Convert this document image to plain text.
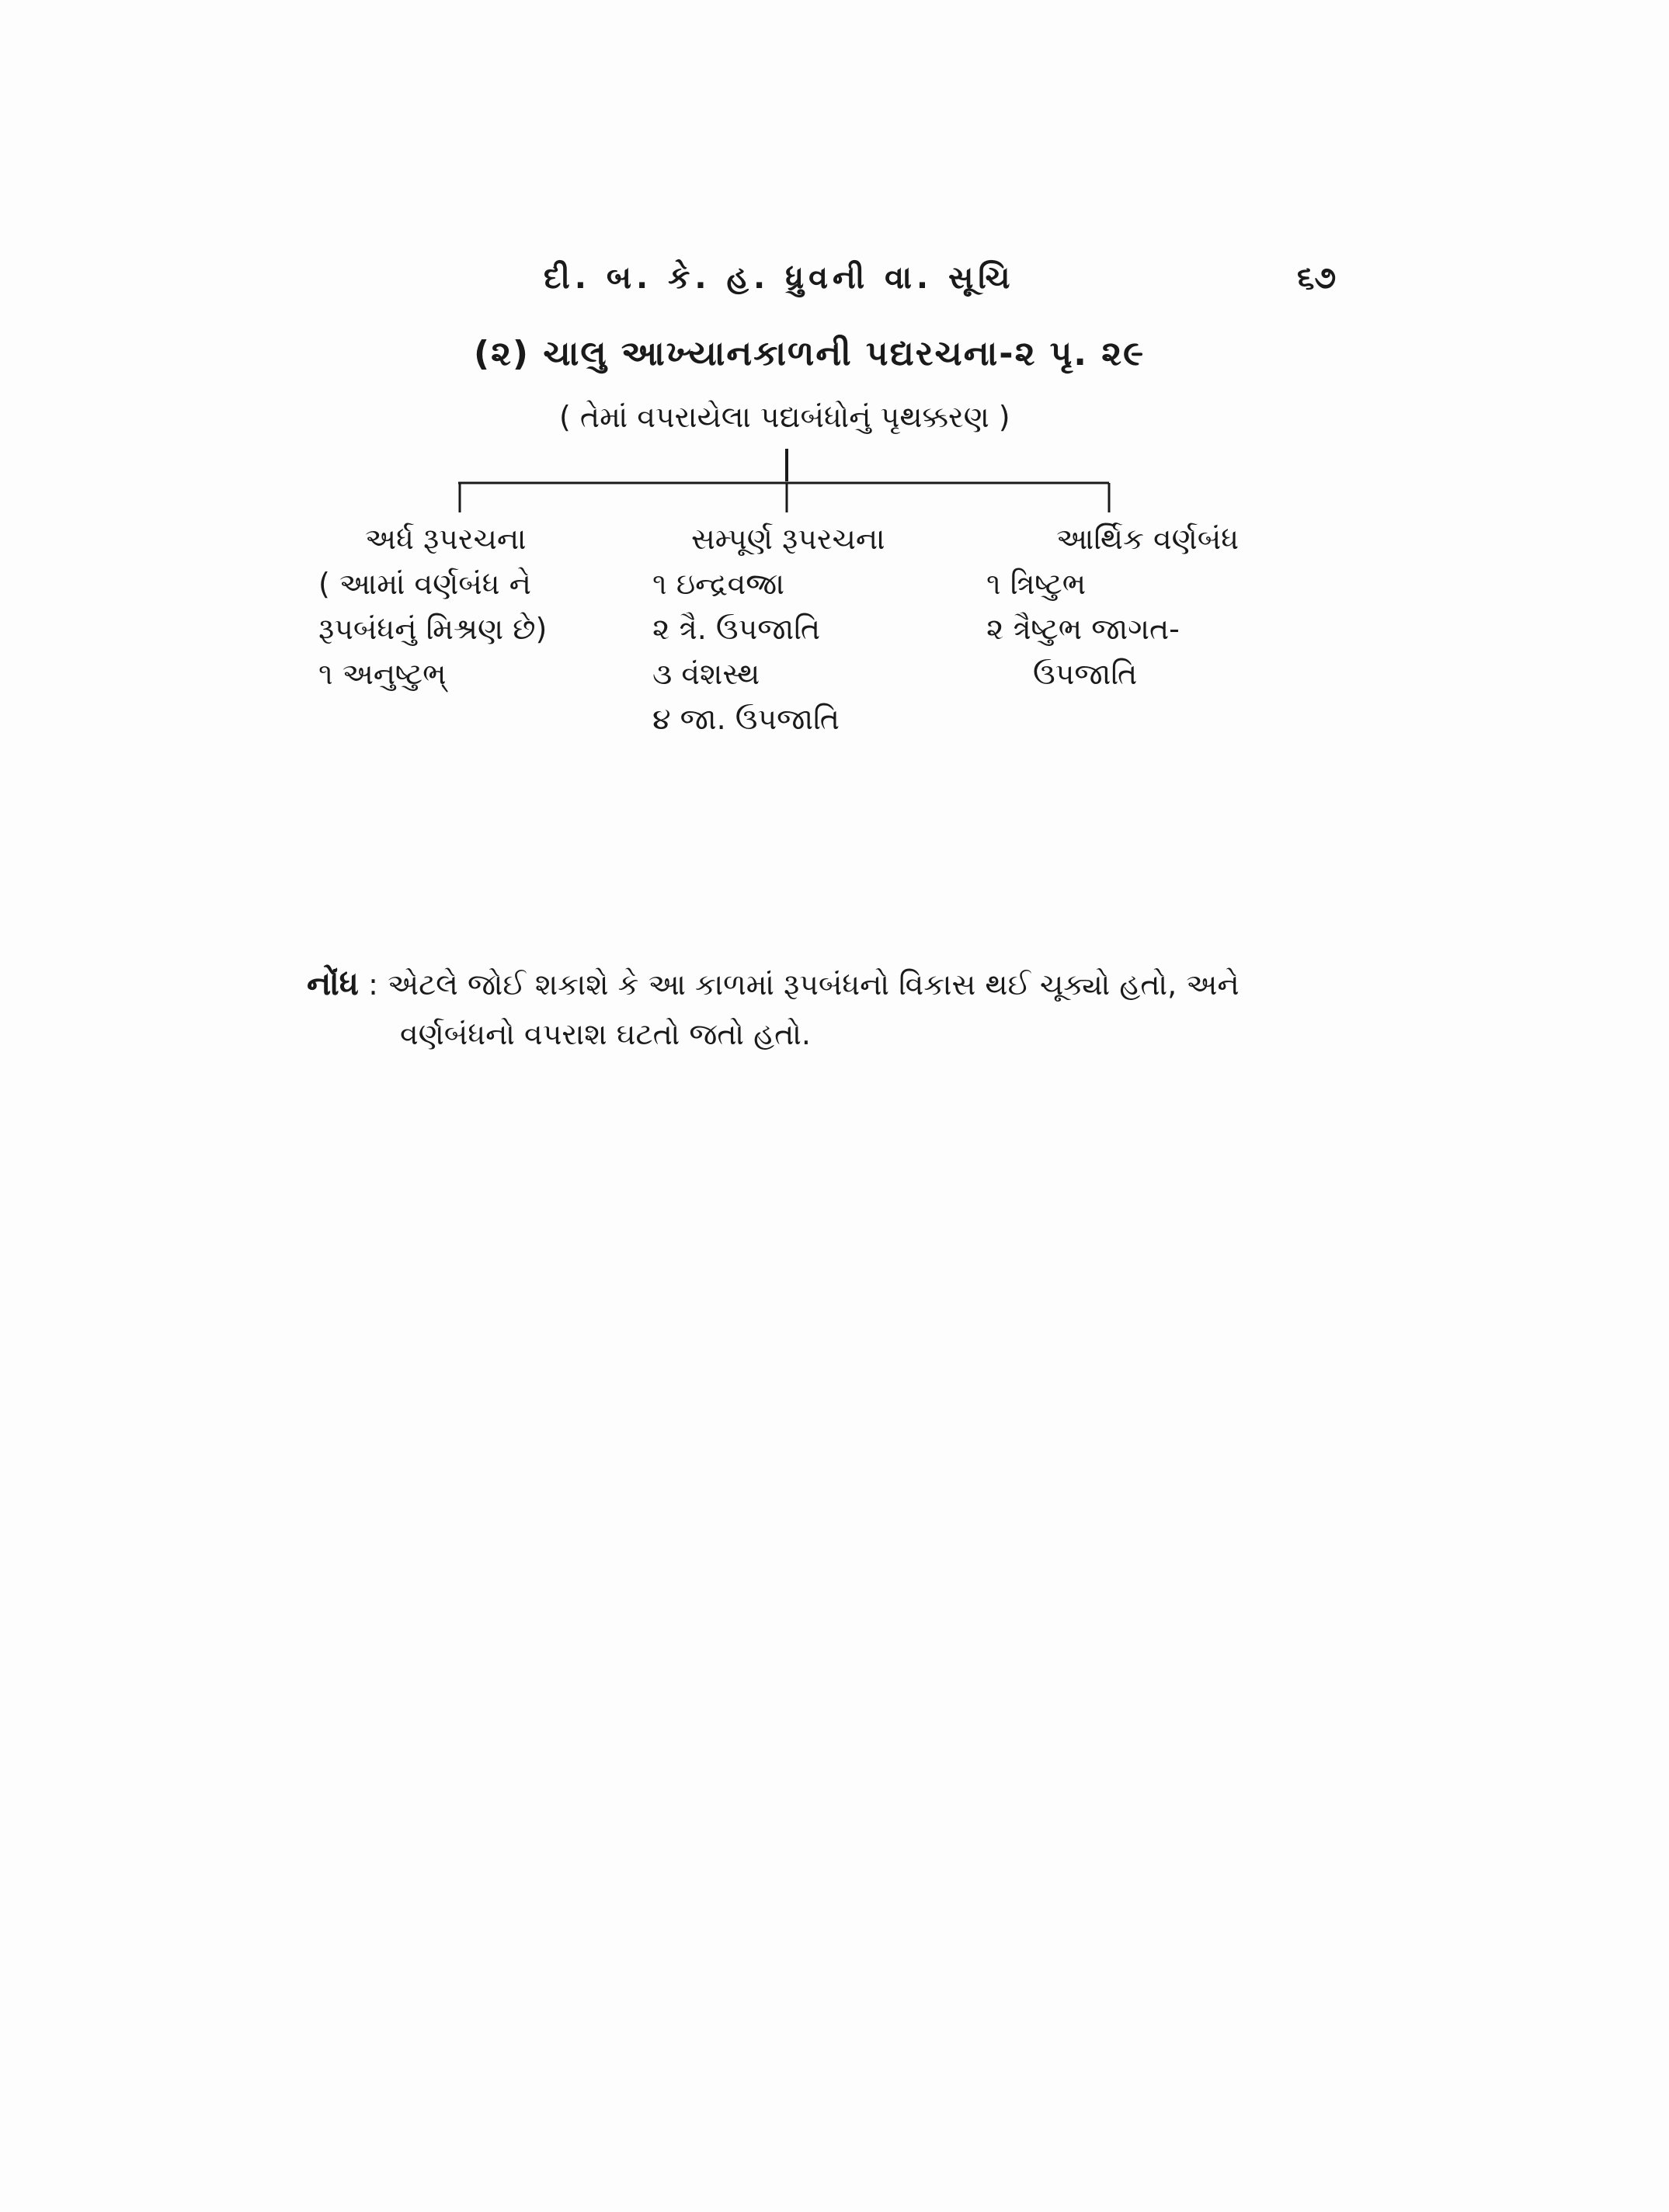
દી. બ. કે. હ. ધ્રુવની વા. સૂચિ	૬૭
(૨) ચાલુ આખ્યાનકાળની પદ્યરચના-૨ પૃ. ૨૯
( તેમાં વપરાયેલા પદ્યબંધોનું પૃથક્કરણ )
અર્ધ રૂપરચના
( આમાં વર્ણબંધ ને
રૂપબંધનું મિશ્રણ છે)
૧ અનુષ્ટુભ્
સમ્પૂર્ણ રૂપરચના
૧ ઇન્દ્રવજ્રા
૨ ત્રૈ. ઉપજાતિ
૩ વંશસ્થ
૪ જા. ઉપજાતિ
આર્થિક વર્ણબંધ
૧ ત્રિષ્ટુભ
૨ ત્રૈષ્ટુભ જાગત-
ઉપજાતિ
નોંધ : એટલે જોઈ શકાશે કે આ કાળમાં રૂપબંધનો વિકાસ થઈ ચૂક્યો હતો, અને
વર્ણબંધનો વપરાશ ઘટતો જતો હતો.
